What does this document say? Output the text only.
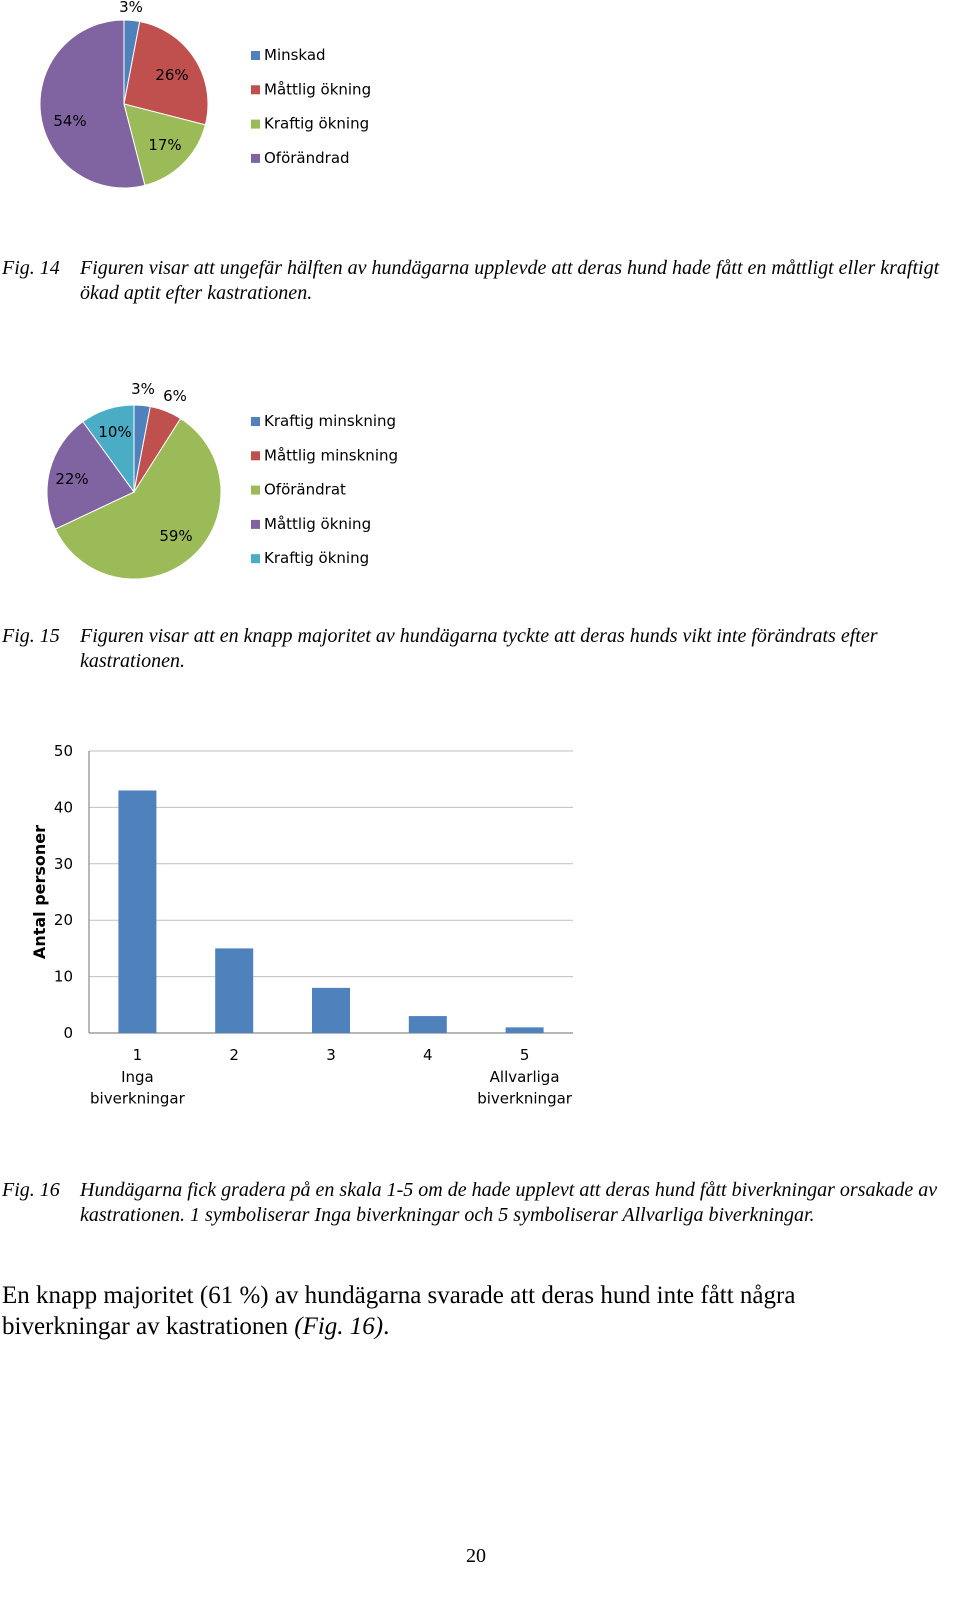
3%
26%
17%
54%
Minskad
Måttlig ökning
Kraftig ökning
Oförändrad
Fig. 14 Figuren visar att ungefär hälften av hundägarna upplevde att deras hund hade fått en måttligt eller kraftigt ökad aptit efter kastrationen.
3% 6%
59%
22%
10%
Kraftig minskning
Måttlig minskning
Oförändrat
Måttlig ökning
Kraftig ökning
Fig. 15 Figuren visar att en knapp majoritet av hundägarna tyckte att deras hunds vikt inte förändrats efter kastrationen.
0
10
20
30
40
50
1
Inga
biverkningar
2	3	4	5
Allvarliga
biverkningar
Antal personer
Fig. 16 Hundägarna fick gradera på en skala 1-5 om de hade upplevt att deras hund fått biverkningar orsakade av kastrationen. 1 symboliserar Inga biverkningar och 5 symboliserar Allvarliga biverkningar.

En knapp majoritet (61 %) av hundägarna svarade att deras hund inte fått några biverkningar av kastrationen (Fig. 16).

20
